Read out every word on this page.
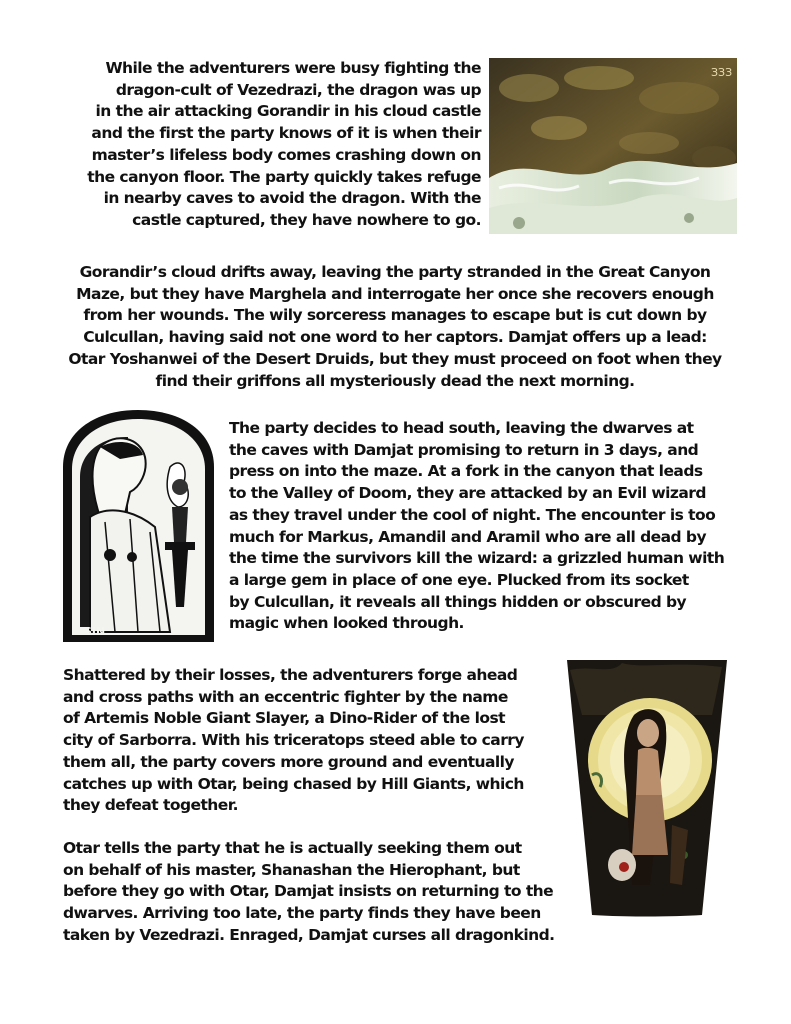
While the adventurers were busy fighting the
dragon-cult of Vezedrazi, the dragon was up
in the air attacking Gorandir in his cloud castle
and the first the party knows of it is when their
master’s lifeless body comes crashing down on
the canyon floor. The party quickly takes refuge
in nearby caves to avoid the dragon. With the
castle captured, they have nowhere to go.
ЗЗЗ
Gorandir’s cloud drifts away, leaving the party stranded in the Great Canyon
Maze, but they have Marghela and interrogate her once she recovers enough
from her wounds. The wily sorceress manages to escape but is cut down by
Culcullan, having said not one word to her captors. Damjat offers up a lead:
Otar Yoshanwei of the Desert Druids, but they must proceed on foot when they
find their griffons all mysteriously dead the next morning.
SIN
The party decides to head south, leaving the dwarves at
the caves with Damjat promising to return in 3 days, and
press on into the maze. At a fork in the canyon that leads
to the Valley of Doom, they are attacked by an Evil wizard
as they travel under the cool of night. The encounter is too
much for Markus, Amandil and Aramil who are all dead by
the time the survivors kill the wizard: a grizzled human with
a large gem in place of one eye. Plucked from its socket
by Culcullan, it reveals all things hidden or obscured by
magic when looked through.
Shattered by their losses, the adventurers forge ahead
and cross paths with an eccentric fighter by the name
of Artemis Noble Giant Slayer, a Dino-Rider of the lost
city of Sarborra. With his triceratops steed able to carry
them all, the party covers more ground and eventually
catches up with Otar, being chased by Hill Giants, which
they defeat together.
Otar tells the party that he is actually seeking them out
on behalf of his master, Shanashan the Hierophant, but
before they go with Otar, Damjat insists on returning to the
dwarves. Arriving too late, the party finds they have been
taken by Vezedrazi. Enraged, Damjat curses all dragonkind.
